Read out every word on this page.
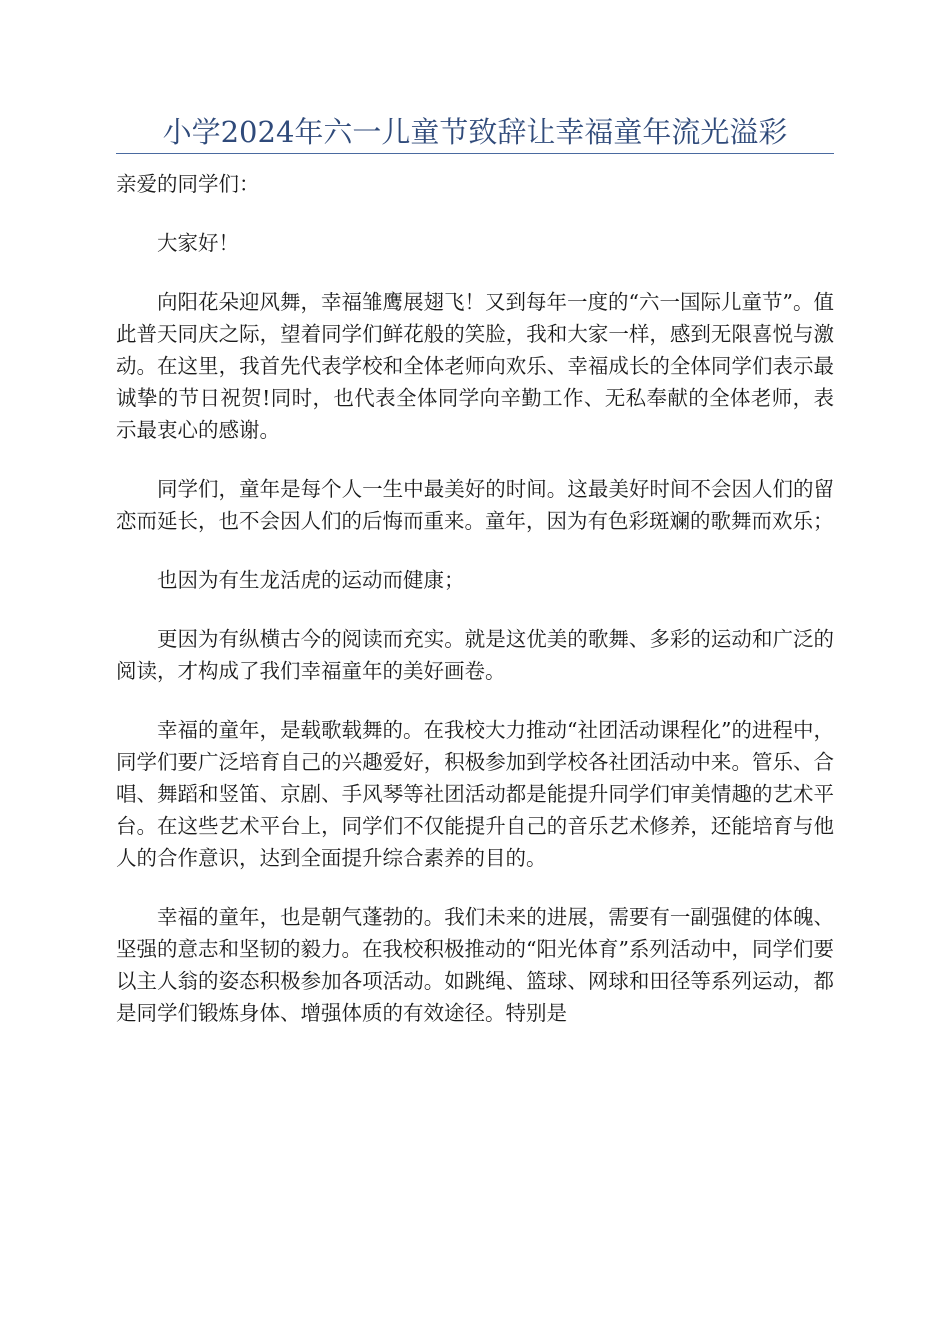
小学2024年六一儿童节致辞让幸福童年流光溢彩

亲爱的同学们：

大家好！

向阳花朵迎风舞，幸福雏鹰展翅飞！又到每年一度的“六一国际儿童节”。值此普天同庆之际，望着同学们鲜花般的笑脸，我和大家一样，感到无限喜悦与激动。在这里，我首先代表学校和全体老师向欢乐、幸福成长的全体同学们表示最诚挚的节日祝贺!同时，也代表全体同学向辛勤工作、无私奉献的全体老师，表示最衷心的感谢。

同学们，童年是每个人一生中最美好的时间。这最美好时间不会因人们的留恋而延长，也不会因人们的后悔而重来。童年，因为有色彩斑斓的歌舞而欢乐；

也因为有生龙活虎的运动而健康；

更因为有纵横古今的阅读而充实。就是这优美的歌舞、多彩的运动和广泛的阅读，才构成了我们幸福童年的美好画卷。

幸福的童年，是载歌载舞的。在我校大力推动“社团活动课程化”的进程中，同学们要广泛培育自己的兴趣爱好，积极参加到学校各社团活动中来。管乐、合唱、舞蹈和竖笛、京剧、手风琴等社团活动都是能提升同学们审美情趣的艺术平台。在这些艺术平台上，同学们不仅能提升自己的音乐艺术修养，还能培育与他人的合作意识，达到全面提升综合素养的目的。

幸福的童年，也是朝气蓬勃的。我们未来的进展，需要有一副强健的体魄、坚强的意志和坚韧的毅力。在我校积极推动的“阳光体育”系列活动中，同学们要以主人翁的姿态积极参加各项活动。如跳绳、篮球、网球和田径等系列运动，都是同学们锻炼身体、增强体质的有效途径。特别是
